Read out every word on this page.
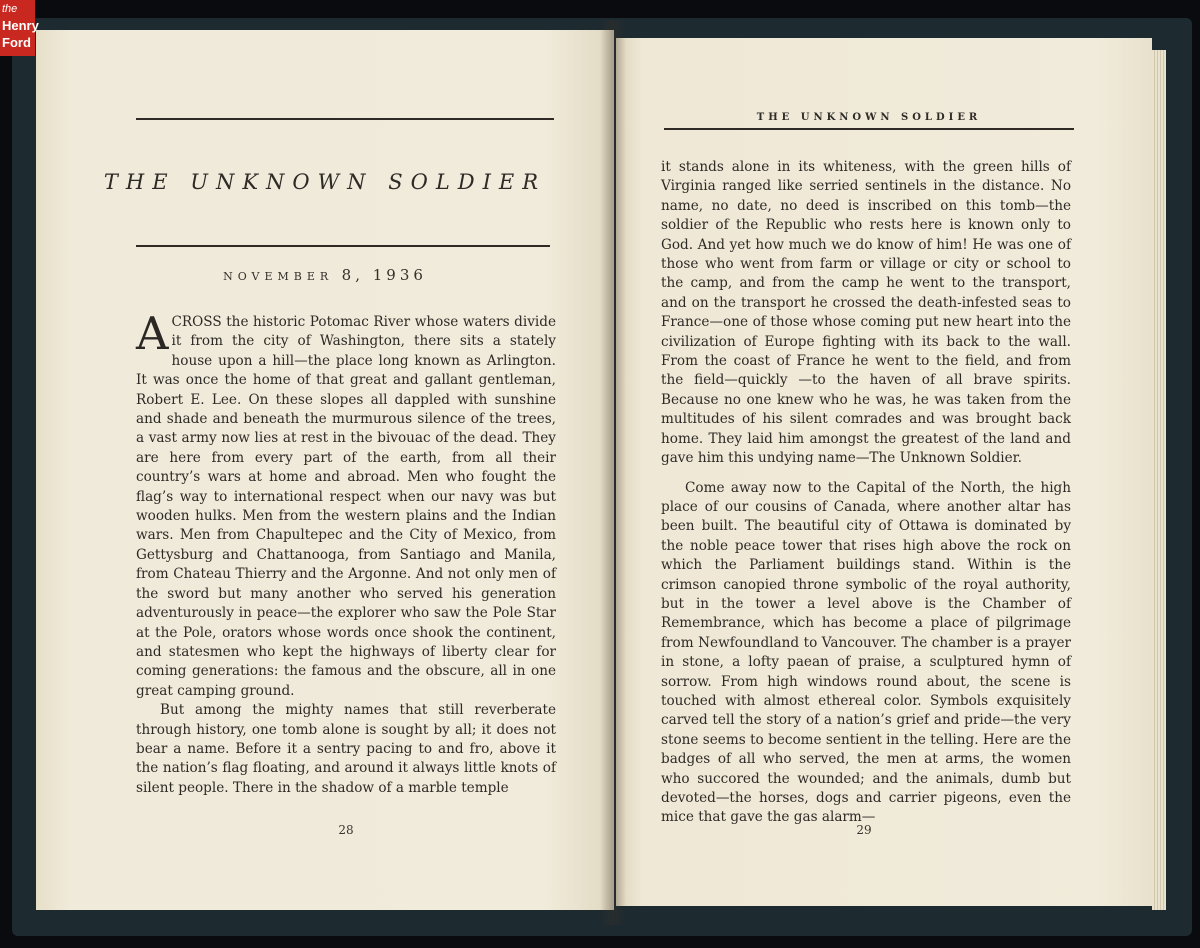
the
Henry
Ford
THE UNKNOWN SOLDIER
NOVEMBER 8, 1936

ACROSS the historic Potomac River whose waters divide it from the city of Washington, there sits a stately house upon a hill—the place long known as Arlington. It was once the home of that great and gallant gentleman, Robert E. Lee. On these slopes all dappled with sunshine and shade and beneath the murmurous silence of the trees, a vast army now lies at rest in the bivouac of the dead. They are here from every part of the earth, from all their country’s wars at home and abroad. Men who fought the flag’s way to international respect when our navy was but wooden hulks. Men from the western plains and the Indian wars. Men from Chapultepec and the City of Mexico, from Gettysburg and Chattanooga, from Santiago and Manila, from Chateau Thierry and the Argonne. And not only men of the sword but many another who served his generation adventurously in peace—the explorer who saw the Pole Star at the Pole, orators whose words once shook the continent, and statesmen who kept the highways of liberty clear for coming generations: the famous and the obscure, all in one great camping ground.

But among the mighty names that still reverberate through history, one tomb alone is sought by all; it does not bear a name. Before it a sentry pacing to and fro, above it the nation’s flag floating, and around it always little knots of silent people. There in the shadow of a marble temple

28
THE UNKNOWN SOLDIER

it stands alone in its whiteness, with the green hills of Virginia ranged like serried sentinels in the distance. No name, no date, no deed is inscribed on this tomb—the soldier of the Republic who rests here is known only to God. And yet how much we do know of him! He was one of those who went from farm or village or city or school to the camp, and from the camp he went to the transport, and on the transport he crossed the death-infested seas to France—one of those whose coming put new heart into the civilization of Europe fighting with its back to the wall. From the coast of France he went to the field, and from the field—quickly —to the haven of all brave spirits. Because no one knew who he was, he was taken from the multitudes of his silent comrades and was brought back home. They laid him amongst the greatest of the land and gave him this undying name—The Unknown Soldier.

Come away now to the Capital of the North, the high place of our cousins of Canada, where another altar has been built. The beautiful city of Ottawa is dominated by the noble peace tower that rises high above the rock on which the Parliament buildings stand. Within is the crimson canopied throne symbolic of the royal authority, but in the tower a level above is the Chamber of Remembrance, which has become a place of pilgrimage from Newfoundland to Vancouver. The chamber is a prayer in stone, a lofty paean of praise, a sculptured hymn of sorrow. From high windows round about, the scene is touched with almost ethereal color. Symbols exquisitely carved tell the story of a nation’s grief and pride—the very stone seems to become sentient in the telling. Here are the badges of all who served, the men at arms, the women who succored the wounded; and the animals, dumb but devoted—the horses, dogs and carrier pigeons, even the mice that gave the gas alarm—

29
